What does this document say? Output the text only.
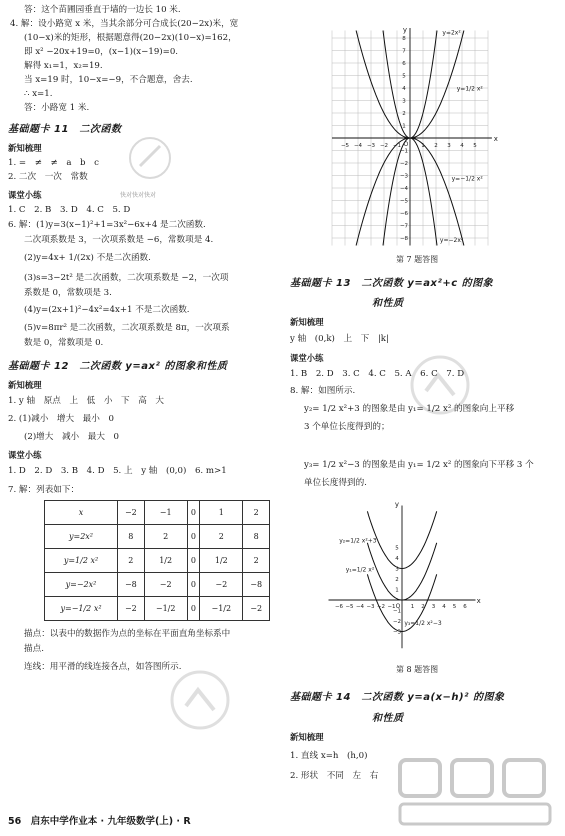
答：这个苗圃园垂直于墙的一边长 10 米.
4. 解：设小路宽 x 米，当其余部分可合成长(20−2x)米，宽
(10−x)米的矩形，根据题意得(20−2x)(10−x)=162，
即 x² −20x+19=0，(x−1)(x−19)=0.
解得 x₁=1，x₂=19.
当 x=19 时，10−x=−9，不合题意，舍去.
∴ x=1.
答：小路宽 1 米.
基础题卡 11　二次函数
新知梳理
1. =　≠　≠　a　b　c
2. 二次　一次　常数
课堂小练
1. C　2. B　3. D　4. C　5. D
6. 解：(1)y=3(x−1)²+1=3x²−6x+4 是二次函数.
二次项系数是 3，一次项系数是 −6，常数项是 4.
(2)y=4x+ 1/(2x) 不是二次函数.
(3)s=3−2t² 是二次函数，二次项系数是 −2，一次项
系数是 0，常数项是 3.
(4)y=(2x+1)²−4x²=4x+1 不是二次函数.
(5)v=8πr² 是二次函数，二次项系数是 8π，一次项系
数是 0，常数项是 0.
基础题卡 12　二次函数 y=ax² 的图象和性质
新知梳理
1. y 轴　原点　上　低　小　下　高　大
2. (1)减小　增大　最小　0
(2)增大　减小　最大　0
课堂小练
1. D　2. D　3. B　4. D　5. 上　y 轴　(0,0)　6. m>1
7. 解：列表如下：
x	−2	−1	0	1	2
y=2x²	8	2	0	2	8
y=1/2 x²	2	1/2	0	1/2	2
y=−2x²	−8	−2	0	−2	−8
y=−1/2 x²	−2	−1/2	0	−1/2	−2
描点：以表中的数据作为点的坐标在平面直角坐标系中
描点.
连线：用平滑的线连接各点，如答图所示.
56　启东中学作业本 · 九年级数学(上) · R
快对快对快对
x
y
O
−5 −4 −3 −2 −1	1 2 3 4 5
8
7
6
5
4
3
2
1
−1
−2
−3
−4
−5
−6
−7
−8
y=2x²
y=1/2 x²
y=−1/2 x²
y=−2x²
第 7 题答图
基础题卡 13　二次函数 y=ax²+c 的图象
和性质
新知梳理
y 轴　(0,k)　上　下　|k|
课堂小练
1. B　2. D　3. C　4. C　5. A　6. C　7. D
8. 解：如图所示.
y₂= 1/2 x²+3 的图象是由 y₁= 1/2 x² 的图象向上平移
3 个单位长度得到的；
y₃= 1/2 x²−3 的图象是由 y₁= 1/2 x² 的图象向下平移 3 个
单位长度得到的.
x
y
O
−6 −5 −4 −3 −2 −1	1 2 3 4 5 6
5
4
3
2
1
−1
−2
−3
y₂=1/2 x²+3
y₁=1/2 x²
y₃=1/2 x²−3
第 8 题答图
基础题卡 14　二次函数 y=a(x−h)² 的图象
和性质
新知梳理
1. 直线 x=h　(h,0)
2. 形状　不同　左　右
